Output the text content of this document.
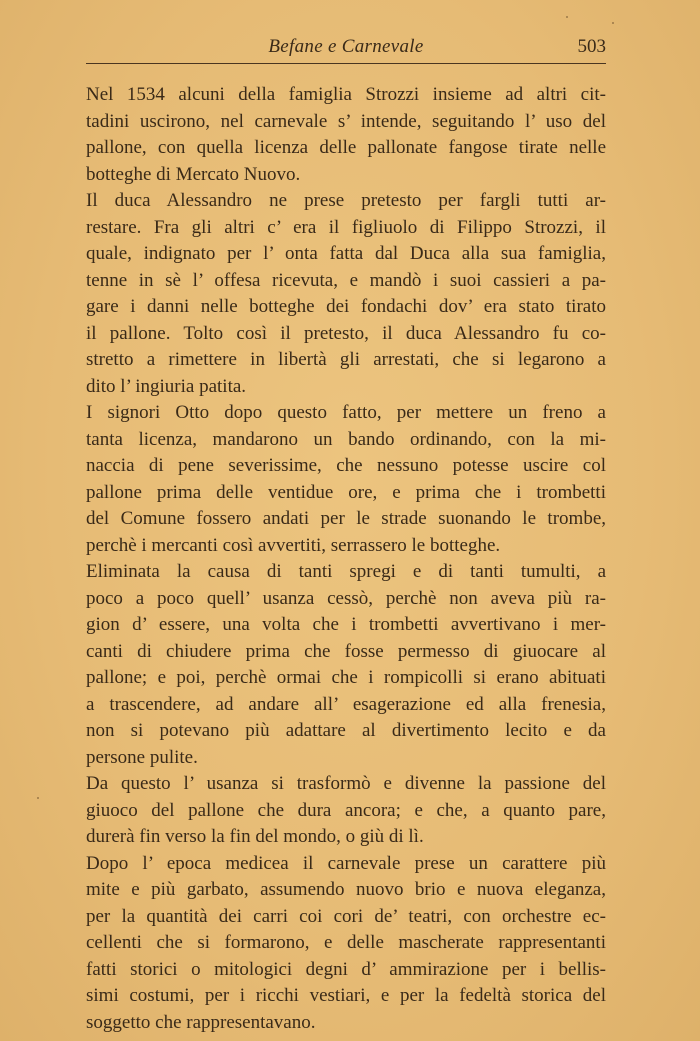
Befane e Carnevale	503

Nel 1534 alcuni della famiglia Strozzi insieme ad altri cit-
tadini uscirono, nel carnevale s’ intende, seguitando l’ uso del
pallone, con quella licenza delle pallonate fangose tirate nelle
botteghe di Mercato Nuovo.

Il duca Alessandro ne prese pretesto per fargli tutti ar-
restare. Fra gli altri c’ era il figliuolo di Filippo Strozzi, il
quale, indignato per l’ onta fatta dal Duca alla sua famiglia,
tenne in sè l’ offesa ricevuta, e mandò i suoi cassieri a pa-
gare i danni nelle botteghe dei fondachi dov’ era stato tirato
il pallone. Tolto così il pretesto, il duca Alessandro fu co-
stretto a rimettere in libertà gli arrestati, che si legarono a
dito l’ ingiuria patita.

I signori Otto dopo questo fatto, per mettere un freno a
tanta licenza, mandarono un bando ordinando, con la mi-
naccia di pene severissime, che nessuno potesse uscire col
pallone prima delle ventidue ore, e prima che i trombetti
del Comune fossero andati per le strade suonando le trombe,
perchè i mercanti così avvertiti, serrassero le botteghe.

Eliminata la causa di tanti spregi e di tanti tumulti, a
poco a poco quell’ usanza cessò, perchè non aveva più ra-
gion d’ essere, una volta che i trombetti avvertivano i mer-
canti di chiudere prima che fosse permesso di giuocare al
pallone; e poi, perchè ormai che i rompicolli si erano abituati
a trascendere, ad andare all’ esagerazione ed alla frenesia,
non si potevano più adattare al divertimento lecito e da
persone pulite.

Da questo l’ usanza si trasformò e divenne la passione del
giuoco del pallone che dura ancora; e che, a quanto pare,
durerà fin verso la fin del mondo, o giù di lì.

Dopo l’ epoca medicea il carnevale prese un carattere più
mite e più garbato, assumendo nuovo brio e nuova eleganza,
per la quantità dei carri coi cori de’ teatri, con orchestre ec-
cellenti che si formarono, e delle mascherate rappresentanti
fatti storici o mitologici degni d’ ammirazione per i bellis-
simi costumi, per i ricchi vestiari, e per la fedeltà storica del
soggetto che rappresentavano.
